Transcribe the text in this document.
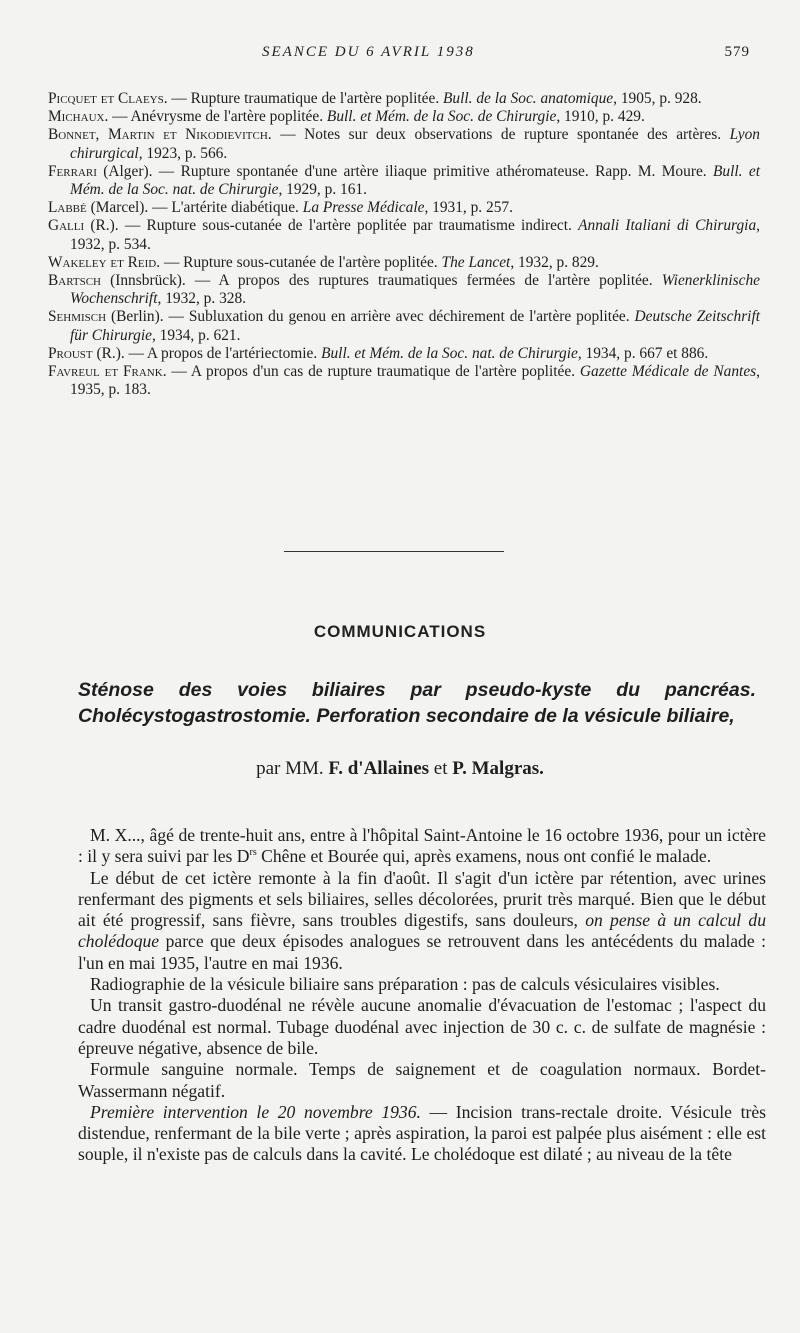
SEANCE DU 6 AVRIL 1938	579

Picquet et Claeys. — Rupture traumatique de l'artère poplitée. Bull. de la Soc. anatomique, 1905, p. 928.

Michaux. — Anévrysme de l'artère poplitée. Bull. et Mém. de la Soc. de Chirurgie, 1910, p. 429.

Bonnet, Martin et Nikodievitch. — Notes sur deux observations de rupture spontanée des artères. Lyon chirurgical, 1923, p. 566.

Ferrari (Alger). — Rupture spontanée d'une artère iliaque primitive athéromateuse. Rapp. M. Moure. Bull. et Mém. de la Soc. nat. de Chirurgie, 1929, p. 161.

Labbé (Marcel). — L'artérite diabétique. La Presse Médicale, 1931, p. 257.

Galli (R.). — Rupture sous-cutanée de l'artère poplitée par traumatisme indirect. Annali Italiani di Chirurgia, 1932, p. 534.

Wakeley et Reid. — Rupture sous-cutanée de l'artère poplitée. The Lancet, 1932, p. 829.

Bartsch (Innsbrück). — A propos des ruptures traumatiques fermées de l'artère poplitée. Wienerklinische Wochenschrift, 1932, p. 328.

Sehmisch (Berlin). — Subluxation du genou en arrière avec déchirement de l'artère poplitée. Deutsche Zeitschrift für Chirurgie, 1934, p. 621.

Proust (R.). — A propos de l'artériectomie. Bull. et Mém. de la Soc. nat. de Chirurgie, 1934, p. 667 et 886.

Favreul et Frank. — A propos d'un cas de rupture traumatique de l'artère poplitée. Gazette Médicale de Nantes, 1935, p. 183.

COMMUNICATIONS
Sténose des voies biliaires par pseudo-kyste du pancréas. Cholécystogastrostomie. Perforation secondaire de la vésicule biliaire,
par MM. F. d'Allaines et P. Malgras.

M. X..., âgé de trente-huit ans, entre à l'hôpital Saint-Antoine le 16 octobre 1936, pour un ictère : il y sera suivi par les $D^{rs}$ Chêne et Bourée qui, après examens, nous ont confié le malade.

Le début de cet ictère remonte à la fin d'août. Il s'agit d'un ictère par rétention, avec urines renfermant des pigments et sels biliaires, selles décolorées, prurit très marqué. Bien que le début ait été progressif, sans fièvre, sans troubles digestifs, sans douleurs, on pense à un calcul du cholédoque parce que deux épisodes analogues se retrouvent dans les antécédents du malade : l'un en mai 1935, l'autre en mai 1936.

Radiographie de la vésicule biliaire sans préparation : pas de calculs vésiculaires visibles.

Un transit gastro-duodénal ne révèle aucune anomalie d'évacuation de l'estomac ; l'aspect du cadre duodénal est normal. Tubage duodénal avec injection de 30 c. c. de sulfate de magnésie : épreuve négative, absence de bile.

Formule sanguine normale. Temps de saignement et de coagulation normaux. Bordet-Wassermann négatif.

Première intervention le 20 novembre 1936. — Incision trans-rectale droite. Vésicule très distendue, renfermant de la bile verte ; après aspiration, la paroi est palpée plus aisément : elle est souple, il n'existe pas de calculs dans la cavité. Le cholédoque est dilaté ; au niveau de la tête
